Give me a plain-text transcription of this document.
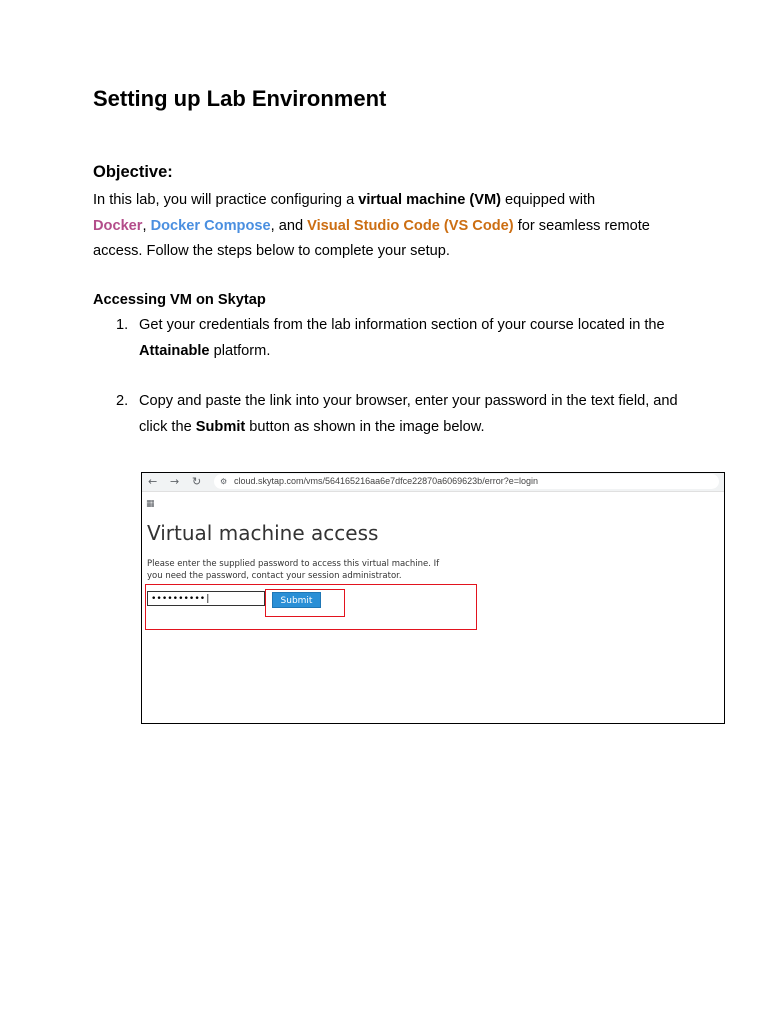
Setting up Lab Environment
Objective:

In this lab, you will practice configuring a virtual machine (VM) equipped with
Docker, Docker Compose, and Visual Studio Code (VS Code) for seamless remote access. Follow the steps below to complete your setup.

Accessing VM on Skytap
1. Get your credentials from the lab information section of your course located in the Attainable platform.
2. Copy and paste the link into your browser, enter your password in the text field, and click the Submit button as shown in the image below.
← → ↻ ⚙ cloud.skytap.com/vms/564165216aa6e7dfce22870a6069623b/error?e=login
▦
Virtual machine access

Please enter the supplied password to access this virtual machine. If you need the password, contact your session administrator.

••••••••••|	Submit
